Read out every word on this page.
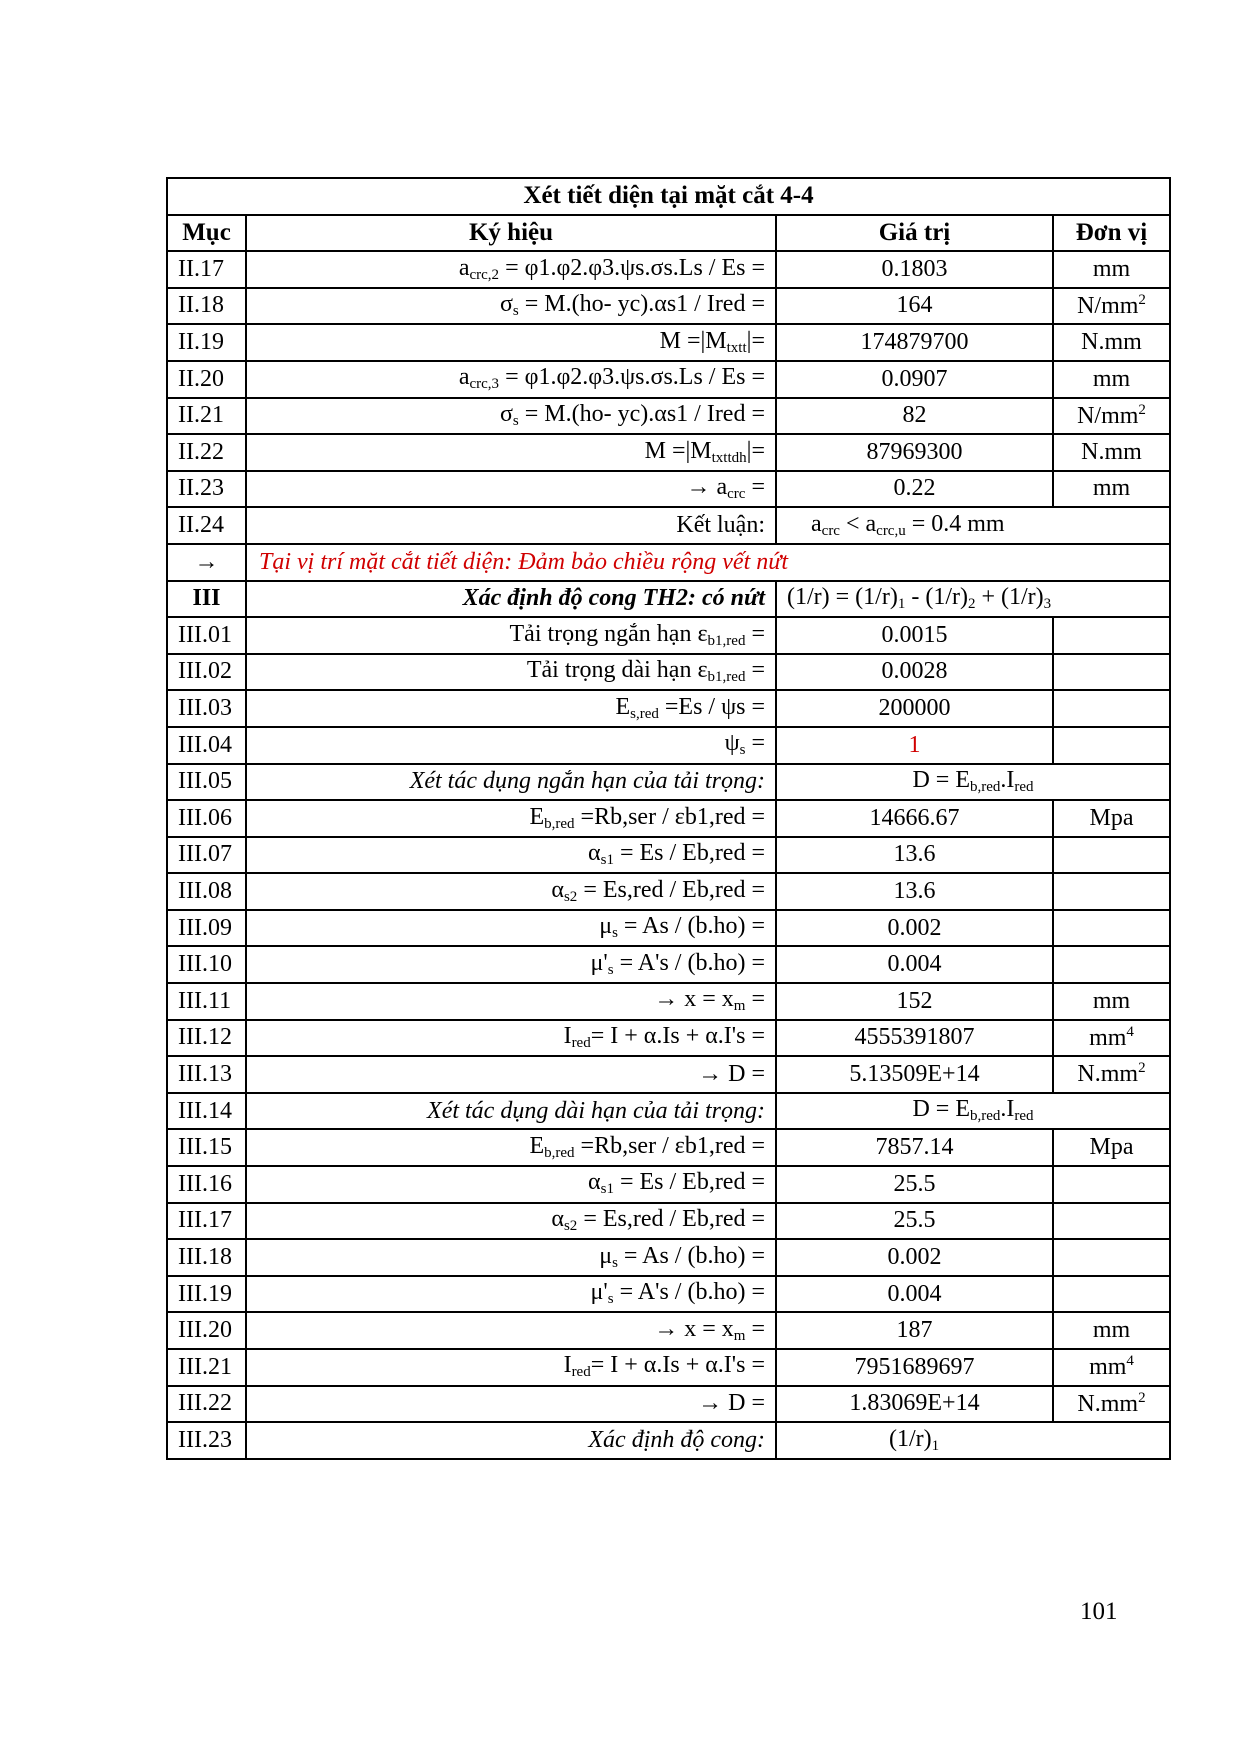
Xét tiết diện tại mặt cắt 4-4			
Mục	Ký hiệu	Giá trị	Đơn vị
II.17	$a_{crc,2} = \varphi 1.\varphi 2.\varphi 3.\psi s.\sigma s.Ls / Es$ =	0.1803	mm
II.18	$\sigma_s = M.(ho-$ yc).αs1 / Ired =	164	$N/mm^2$
II.19	$M =|M_{txtt}|=$	174879700	N.mm
II.20	$a_{crc,3} = \varphi 1.\varphi 2.\varphi 3.\psi s.\sigma s.Ls / Es$ =	0.0907	mm
II.21	$\sigma_s = M.(ho-$ yc).αs1 / Ired =	82	$N/mm^2$
II.22	$M =|M_{txttdh}|=$	87969300	N.mm
II.23	→ $a_{crc}$ =	0.22	mm
II.24	Kết luận:	$a_{crc} < a_{crc,u} = 0.4$ mm	
→	Tại vị trí mặt cắt tiết diện: Đảm bảo chiều rộng vết nứt		

III	Xác định độ cong TH2: có nứt	$(1/r) = (1/r)_1 - (1/r)_2 + (1/r)_3$

III.01	Tải trọng ngắn hạn $\varepsilon_{b1,red}$ =	0.0015	
III.02	Tải trọng dài hạn $\varepsilon_{b1,red}$ =	0.0028	
III.03	$E_{s,red} =Es / \psi s$ =	200000	
III.04	$\psi_s$ =	1	
III.05	Xét tác dụng ngắn hạn của tải trọng:	$D = E_{b,red}.I_{red}$
III.06	$E_{b,red} =Rb,ser / \varepsilon b1,red$ =	14666.67	Mpa
III.07	$\alpha_{s1} = Es / Eb,red$ =	13.6	
III.08	$\alpha_{s2} = Es,red / Eb,red$ =	13.6	
III.09	$\mu_s = As / (b.ho)$ =	0.002	
III.10	$\mu'_s = A's / (b.ho)$ =	0.004	
III.11	→ $x = x_m$ =	152	mm
III.12	$I_{red}= I + \alpha.Is + \alpha.I's$ =	4555391807	$mm^4$
III.13	→ D =	5.13509E+14	$N.mm^2$
III.14	Xét tác dụng dài hạn của tải trọng:	$D = E_{b,red}.I_{red}$
III.15	$E_{b,red} =Rb,ser / \varepsilon b1,red$ =	7857.14	Mpa
III.16	$\alpha_{s1} = Es / Eb,red$ =	25.5	
III.17	$\alpha_{s2} = Es,red / Eb,red$ =	25.5	
III.18	$\mu_s = As / (b.ho)$ =	0.002	
III.19	$\mu'_s = A's / (b.ho)$ =	0.004	
III.20	→ $x = x_m$ =	187	mm
III.21	$I_{red}= I + \alpha.Is + \alpha.I's$ =	7951689697	$mm^4$
III.22	→ D =	1.83069E+14	$N.mm^2$
III.23	Xác định độ cong:	$(1/r)_1$
101
